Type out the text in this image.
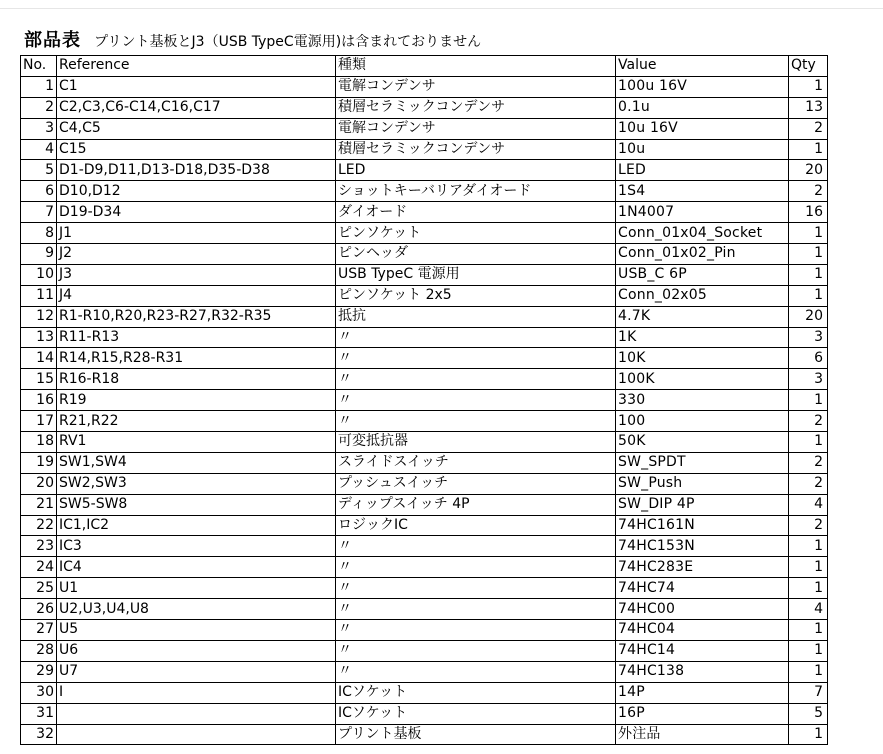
部品表 プリント基板とJ3（USB TypeC電源用)は含まれておりません
No.	Reference	種類	Value	Qty
1	C1	電解コンデンサ	100u 16V	1
2	C2,C3,C6-C14,C16,C17	積層セラミックコンデンサ	0.1u	13
3	C4,C5	電解コンデンサ	10u 16V	2
4	C15	積層セラミックコンデンサ	10u	1
5	D1-D9,D11,D13-D18,D35-D38	LED	LED	20
6	D10,D12	ショットキーバリアダイオード	1S4	2
7	D19-D34	ダイオード	1N4007	16
8	J1	ピンソケット	Conn_01x04_Socket	1
9	J2	ピンヘッダ	Conn_01x02_Pin	1
10	J3	USB TypeC 電源用	USB_C 6P	1
11	J4	ピンソケット 2x5	Conn_02x05	1
12	R1-R10,R20,R23-R27,R32-R35	抵抗	4.7K	20
13	R11-R13	〃	1K	3
14	R14,R15,R28-R31	〃	10K	6
15	R16-R18	〃	100K	3
16	R19	〃	330	1
17	R21,R22	〃	100	2
18	RV1	可変抵抗器	50K	1
19	SW1,SW4	スライドスイッチ	SW_SPDT	2
20	SW2,SW3	プッシュスイッチ	SW_Push	2
21	SW5-SW8	ディップスイッチ 4P	SW_DIP 4P	4
22	IC1,IC2	ロジックIC	74HC161N	2
23	IC3	〃	74HC153N	1
24	IC4	〃	74HC283E	1
25	U1	〃	74HC74	1
26	U2,U3,U4,U8	〃	74HC00	4
27	U5	〃	74HC04	1
28	U6	〃	74HC14	1
29	U7	〃	74HC138	1
30	I	ICソケット	14P	7
31		ICソケット	16P	5
32		プリント基板	外注品	1
